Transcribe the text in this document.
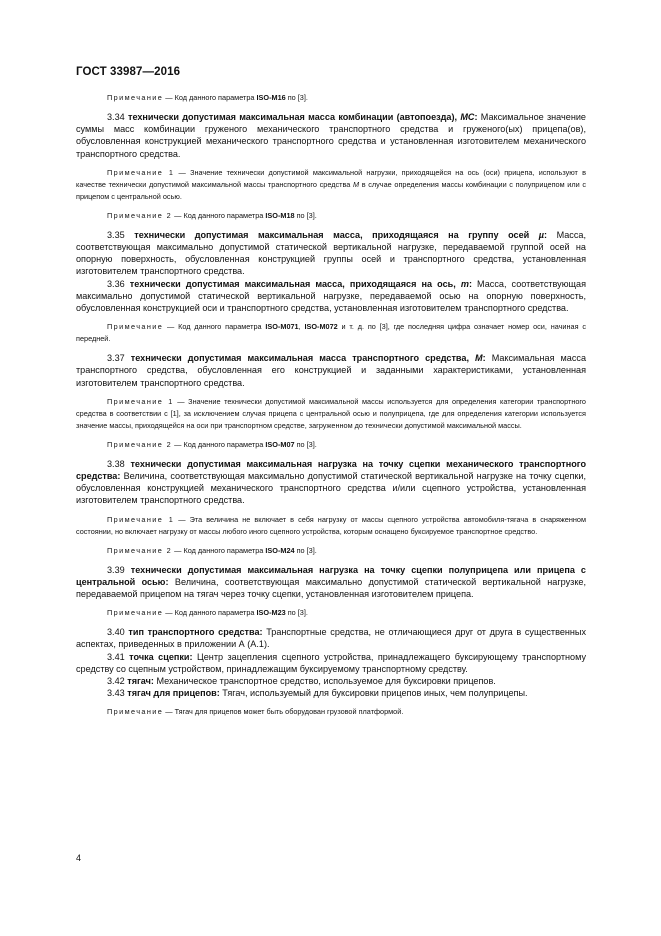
ГОСТ 33987—2016

Примечание — Код данного параметра ISO-M16 по [3].

3.34 технически допустимая максимальная масса комбинации (автопоезда), MC: Максимальное значение суммы масс комбинации груженого механического транспортного средства и груженого(ых) прицепа(ов), обусловленная конструкцией механического транспортного средства и установленная изготовителем механического транспортного средства.

Примечание 1 — Значение технически допустимой максимальной нагрузки, приходящейся на ось (оси) прицепа, используют в качестве технически допустимой максимальной массы транспортного средства M в случае определения массы комбинации с полуприцепом или с прицепом с центральной осью.

Примечание 2 — Код данного параметра ISO-M18 по [3].

3.35 технически допустимая максимальная масса, приходящаяся на группу осей µ: Масса, соответствующая максимально допустимой статической вертикальной нагрузке, передаваемой группой осей на опорную поверхность, обусловленная конструкцией группы осей и транспортного средства, установленная изготовителем транспортного средства.

3.36 технически допустимая максимальная масса, приходящаяся на ось, m: Масса, соответствующая максимально допустимой статической вертикальной нагрузке, передаваемой осью на опорную поверхность, обусловленная конструкцией оси и транспортного средства, установленная изготовителем транспортного средства.

Примечание — Код данного параметра ISO-M071, ISO-M072 и т. д. по [3], где последняя цифра означает номер оси, начиная с передней.

3.37 технически допустимая максимальная масса транспортного средства, M: Максимальная масса транспортного средства, обусловленная его конструкцией и заданными характеристиками, установленная изготовителем транспортного средства.

Примечание 1 — Значение технически допустимой максимальной массы используется для определения категории транспортного средства в соответствии с [1], за исключением случая прицепа с центральной осью и полуприцепа, где для определения категории используется значение массы, приходящейся на оси при транспортном средстве, загруженном до технически допустимой максимальной массы.

Примечание 2 — Код данного параметра ISO-M07 по [3].

3.38 технически допустимая максимальная нагрузка на точку сцепки механического транспортного средства: Величина, соответствующая максимально допустимой статической вертикальной нагрузке на точку сцепки, обусловленная конструкцией механического транспортного средства и/или сцепного устройства, установленная изготовителем транспортного средства.

Примечание 1 — Эта величина не включает в себя нагрузку от массы сцепного устройства автомобиля-тягача в снаряженном состоянии, но включает нагрузку от массы любого иного сцепного устройства, которым оснащено буксируемое транспортное средство.

Примечание 2 — Код данного параметра ISO-M24 по [3].

3.39 технически допустимая максимальная нагрузка на точку сцепки полуприцепа или прицепа с центральной осью: Величина, соответствующая максимально допустимой статической вертикальной нагрузке, передаваемой прицепом на тягач через точку сцепки, установленная изготовителем прицепа.

Примечание — Код данного параметра ISO-M23 по [3].

3.40 тип транспортного средства: Транспортные средства, не отличающиеся друг от друга в существенных аспектах, приведенных в приложении А (А.1).

3.41 точка сцепки: Центр зацепления сцепного устройства, принадлежащего буксирующему транспортному средству со сцепным устройством, принадлежащим буксируемому транспортному средству.

3.42 тягач: Механическое транспортное средство, используемое для буксировки прицепов.

3.43 тягач для прицепов: Тягач, используемый для буксировки прицепов иных, чем полуприцепы.

Примечание — Тягач для прицепов может быть оборудован грузовой платформой.

4
